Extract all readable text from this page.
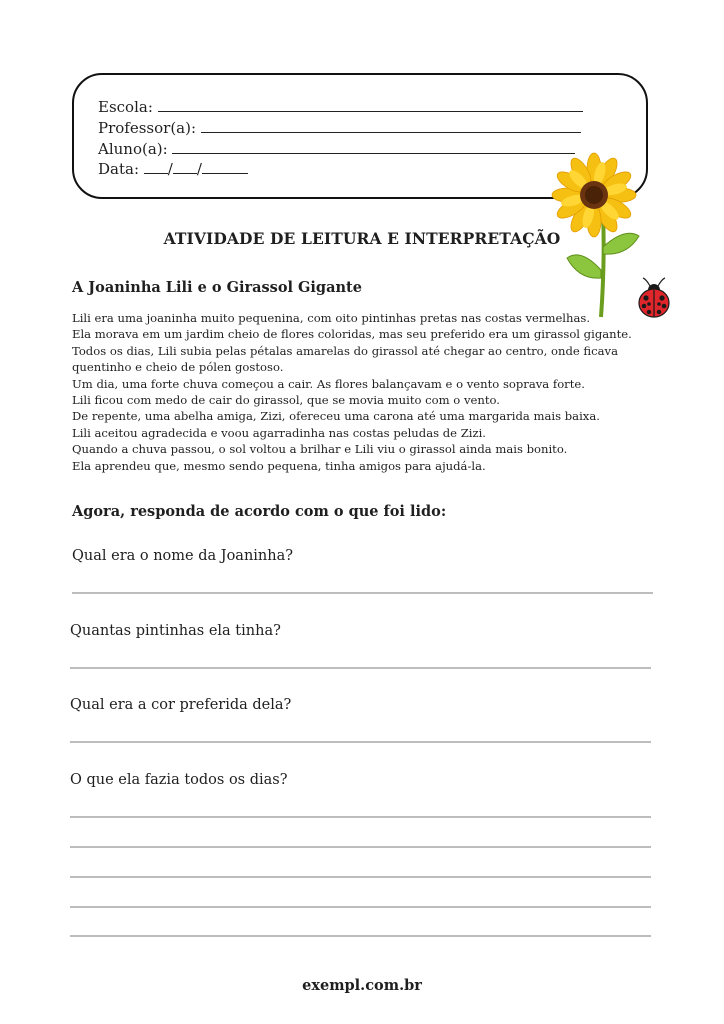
Escola:
Professor(a):
Aluno(a):
Data: / /
ATIVIDADE DE LEITURA E INTERPRETAÇÃO
A Joaninha Lili e o Girassol Gigante

Lili era uma joaninha muito pequenina, com oito pintinhas pretas nas costas vermelhas.

Ela morava em um jardim cheio de flores coloridas, mas seu preferido era um girassol gigante.

Todos os dias, Lili subia pelas pétalas amarelas do girassol até chegar ao centro, onde ficava

quentinho e cheio de pólen gostoso.

Um dia, uma forte chuva começou a cair. As flores balançavam e o vento soprava forte.

Lili ficou com medo de cair do girassol, que se movia muito com o vento.

De repente, uma abelha amiga, Zizi, ofereceu uma carona até uma margarida mais baixa.

Lili aceitou agradecida e voou agarradinha nas costas peludas de Zizi.

Quando a chuva passou, o sol voltou a brilhar e Lili viu o girassol ainda mais bonito.

Ela aprendeu que, mesmo sendo pequena, tinha amigos para ajudá-la.

Agora, responda de acordo com o que foi lido:
Qual era o nome da Joaninha?
Quantas pintinhas ela tinha?
Qual era a cor preferida dela?
O que ela fazia todos os dias?
exempl.com.br
